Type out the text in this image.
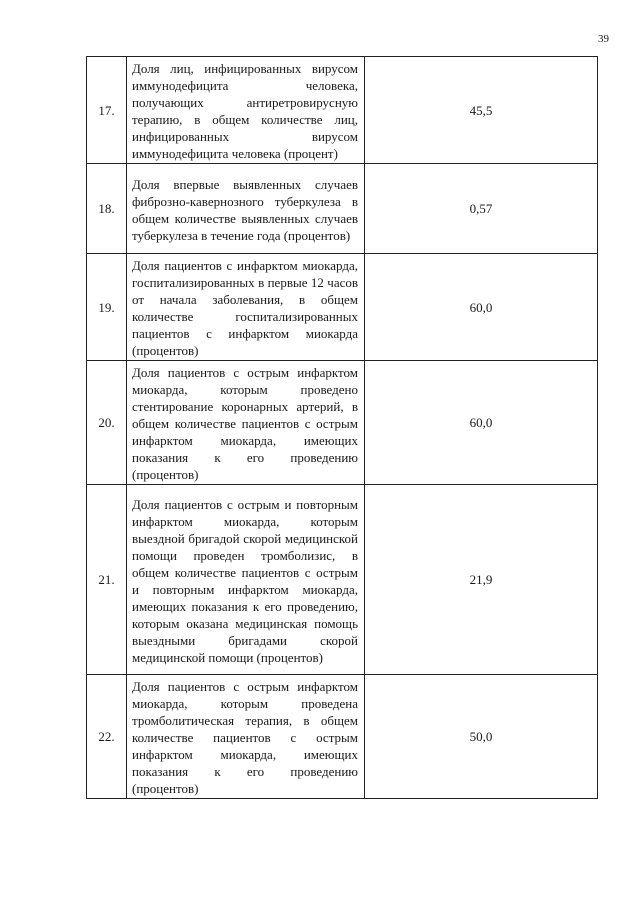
39
17.	Доля лиц, инфицированных вирусом иммунодефицита человека, получающих антиретровирусную терапию, в общем количестве лиц, инфицированных вирусом иммунодефицита человека (процент)	45,5
18.	Доля впервые выявленных случаев фиброзно-кавернозного туберкулеза в общем количестве выявленных случаев туберкулеза в течение года (процентов)	0,57
19.	Доля пациентов с инфарктом миокарда, госпитализированных в первые 12 часов от начала заболевания, в общем количестве госпитализированных пациентов с инфарктом миокарда (процентов)	60,0
20.	Доля пациентов с острым инфарктом миокарда, которым проведено стентирование коронарных артерий, в общем количестве пациентов с острым инфарктом миокарда, имеющих показания к его проведению (процентов)	60,0
21.	Доля пациентов с острым и повторным инфарктом миокарда, которым выездной бригадой скорой медицинской помощи проведен тромболизис, в общем количестве пациентов с острым и повторным инфарктом миокарда, имеющих показания к его проведению, которым оказана медицинская помощь выездными бригадами скорой медицинской помощи (процентов)	21,9
22.	Доля пациентов с острым инфарктом миокарда, которым проведена тромболитическая терапия, в общем количестве пациентов с острым инфарктом миокарда, имеющих показания к его проведению (процентов)	50,0
